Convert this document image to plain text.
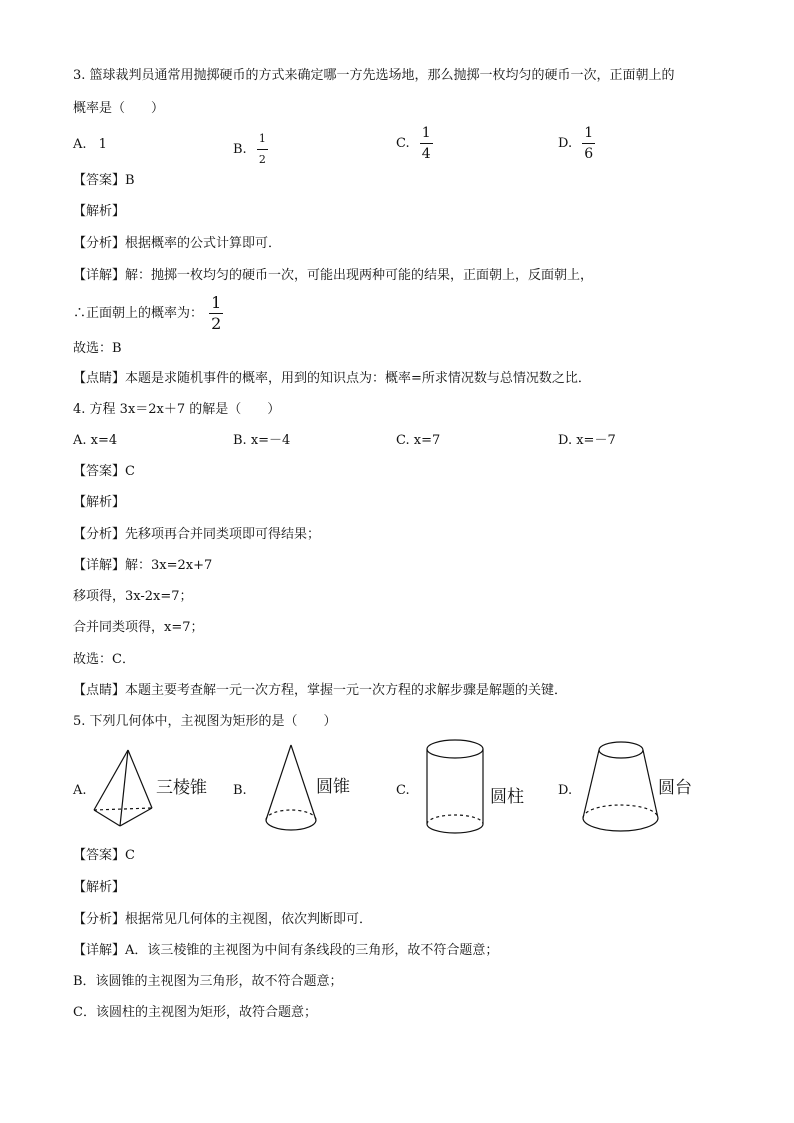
3. 篮球裁判员通常用抛掷硬币的方式来确定哪一方先选场地，那么抛掷一枚均匀的硬币一次，正面朝上的
概率是（　　）
A. 1	B. $\frac{1}{2}$	C. $\frac{1}{4}$	D. $\frac{1}{6}$
【答案】B
【解析】
【分析】根据概率的公式计算即可．
【详解】解：抛掷一枚均匀的硬币一次，可能出现两种可能的结果，正面朝上，反面朝上，
∴正面朝上的概率为： $\frac{1}{2}$
故选：B
【点睛】本题是求随机事件的概率，用到的知识点为：概率=所求情况数与总情况数之比．
4. 方程 3x＝2x＋7 的解是（　　）
A. x=4	B. x=－4	C. x=7	D. x=－7
【答案】C
【解析】
【分析】先移项再合并同类项即可得结果；
【详解】解：3x=2x+7
移项得，3x-2x=7；
合并同类项得，x=7；
故选：C．
【点睛】本题主要考查解一元一次方程，掌握一元一次方程的求解步骤是解题的关键．
5. 下列几何体中，主视图为矩形的是（　　）
A.	三棱锥 B.	圆锥	C.	圆柱	D.	圆台
【答案】C
【解析】
【分析】根据常见几何体的主视图，依次判断即可．
【详解】A．该三棱锥的主视图为中间有条线段的三角形，故不符合题意；
B．该圆锥的主视图为三角形，故不符合题意；
C．该圆柱的主视图为矩形，故符合题意；
